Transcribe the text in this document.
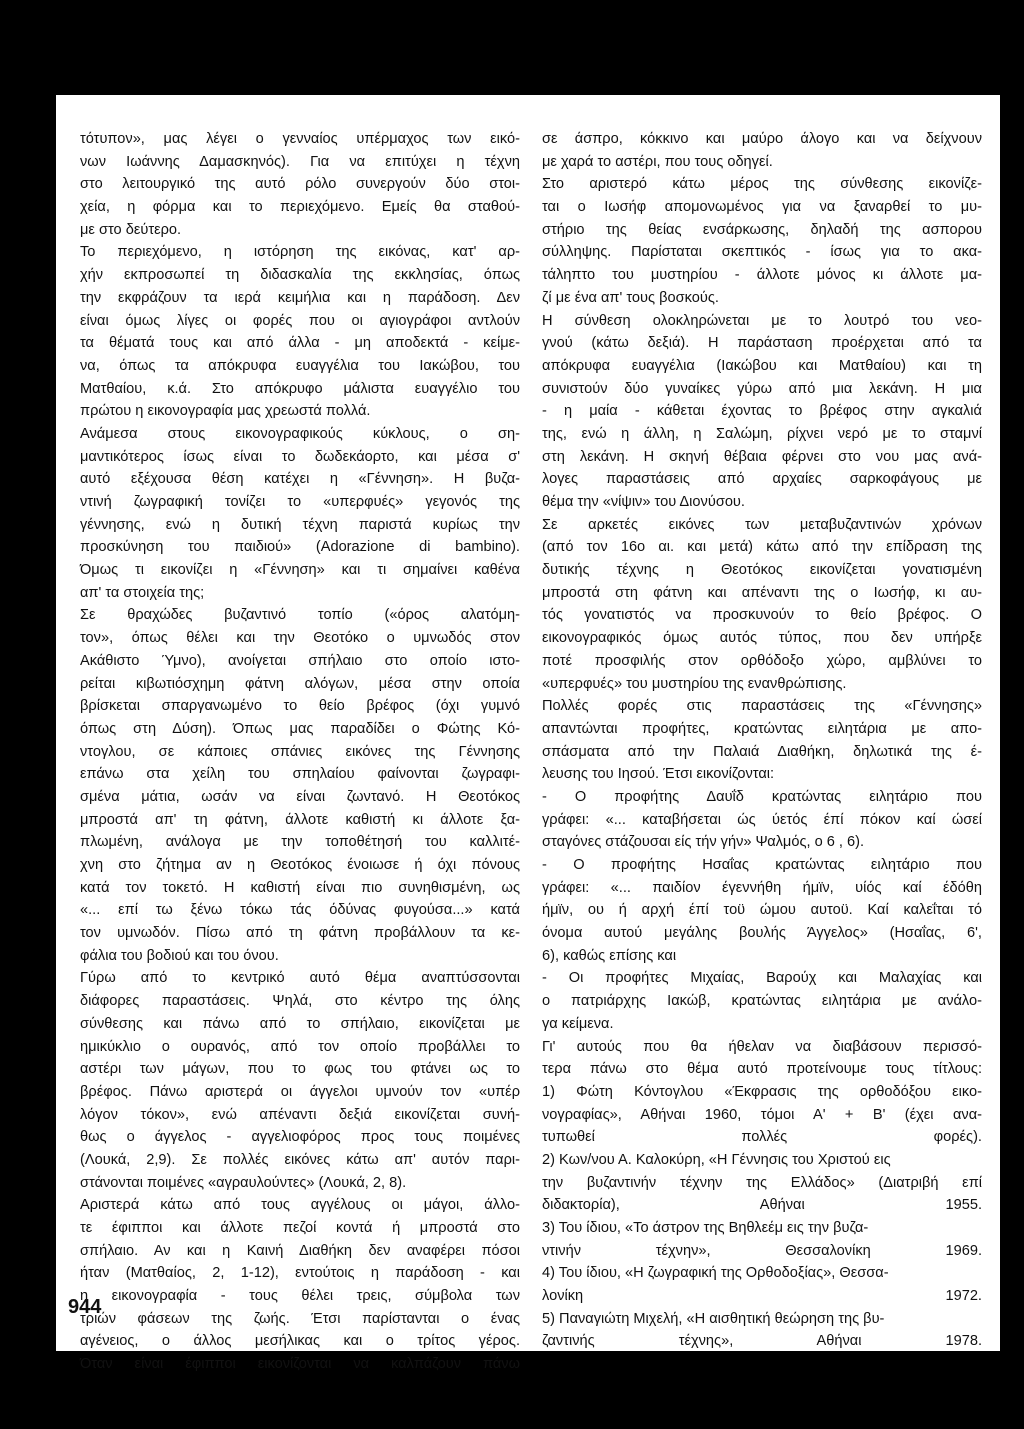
τότυπον», μας λέγει ο γενναίος υπέρμαχος των εικό-
νων Ιωάννης Δαμασκηνός). Για να επιτύχει η τέχνη
στο λειτουργικό της αυτό ρόλο συνεργούν δύο στοι-
χεία, η φόρμα και το περιεχόμενο. Εμείς θα σταθού-
με στο δεύτερο.
Το περιεχόμενο, η ιστόρηση της εικόνας, κατ' αρ-
χήν εκπροσωπεί τη διδασκαλία της εκκλησίας, όπως
την εκφράζουν τα ιερά κειμήλια και η παράδοση. Δεν
είναι όμως λίγες οι φορές που οι αγιογράφοι αντλούν
τα θέματά τους και από άλλα - μη αποδεκτά - κείμε-
να, όπως τα απόκρυφα ευαγγέλια του Ιακώβου, του
Ματθαίου, κ.ά. Στο απόκρυφο μάλιστα ευαγγέλιο του
πρώτου η εικονογραφία μας χρεωστά πολλά.
Ανάμεσα στους εικονογραφικούς κύκλους, ο ση-
μαντικότερος ίσως είναι το δωδεκάορτο, και μέσα σ'
αυτό εξέχουσα θέση κατέχει η «Γέννηση». Η βυζα-
ντινή ζωγραφική τονίζει το «υπερφυές» γεγονός της
γέννησης, ενώ η δυτική τέχνη παριστά κυρίως την
προσκύνηση του παιδιού» (Adorazione di bambino).
Όμως τι εικονίζει η «Γέννηση» και τι σημαίνει καθένα
απ' τα στοιχεία της;
Σε θραχώδες βυζαντινό τοπίο («όρος αλατόμη-
τον», όπως θέλει και την Θεοτόκο ο υμνωδός στον
Ακάθιστο Ύμνο), ανοίγεται σπήλαιο στο οποίο ιστο-
ρείται κιβωτιόσχημη φάτνη αλόγων, μέσα στην οποία
βρίσκεται σπαργανωμένο το θείο βρέφος (όχι γυμνό
όπως στη Δύση). Όπως μας παραδίδει ο Φώτης Κό-
ντογλου, σε κάποιες σπάνιες εικόνες της Γέννησης
επάνω στα χείλη του σπηλαίου φαίνονται ζωγραφι-
σμένα μάτια, ωσάν να είναι ζωντανό. Η Θεοτόκος
μπροστά απ' τη φάτνη, άλλοτε καθιστή κι άλλοτε ξα-
πλωμένη, ανάλογα με την τοποθέτησή του καλλιτέ-
χνη στο ζήτημα αν η Θεοτόκος ένοιωσε ή όχι πόνους
κατά τον τοκετό. Η καθιστή είναι πιο συνηθισμένη, ως
«... επί τω ξένω τόκω τάς όδύνας φυγούσα...» κατά
τον υμνωδόν. Πίσω από τη φάτνη προβάλλουν τα κε-
φάλια του βοδιού και του όνου.
Γύρω από το κεντρικό αυτό θέμα αναπτύσσονται
διάφορες παραστάσεις. Ψηλά, στο κέντρο της όλης
σύνθεσης και πάνω από το σπήλαιο, εικονίζεται με
ημικύκλιο ο ουρανός, από τον οποίο προβάλλει το
αστέρι των μάγων, που το φως του φτάνει ως το
βρέφος. Πάνω αριστερά οι άγγελοι υμνούν τον «υπέρ
λόγον τόκον», ενώ απέναντι δεξιά εικονίζεται συνή-
θως ο άγγελος - αγγελιοφόρος προς τους ποιμένες
(Λουκά, 2,9). Σε πολλές εικόνες κάτω απ' αυτόν παρι-
στάνονται ποιμένες «αγραυλούντες» (Λουκά, 2, 8).
Αριστερά κάτω από τους αγγέλους οι μάγοι, άλλο-
τε έφιπποι και άλλοτε πεζοί κοντά ή μπροστά στο
σπήλαιο. Αν και η Καινή Διαθήκη δεν αναφέρει πόσοι
ήταν (Ματθαίος, 2, 1-12), εντούτοις η παράδοση - και
η εικονογραφία - τους θέλει τρεις, σύμβολα των
τριών φάσεων της ζωής. Έτσι παρίστανται ο ένας
αγένειος, ο άλλος μεσήλικας και ο τρίτος γέρος.
Όταν είναι έφιπποι εικονίζονται να καλπάζουν πάνω
σε άσπρο, κόκκινο και μαύρο άλογο και να δείχνουν
με χαρά το αστέρι, που τους οδηγεί.
Στο αριστερό κάτω μέρος της σύνθεσης εικονίζε-
ται ο Ιωσήφ απομονωμένος για να ξαναρθεί το μυ-
στήριο της θείας ενσάρκωσης, δηλαδή της ασπορου
σύλληψης. Παρίσταται σκεπτικός - ίσως για το ακα-
τάληπτο του μυστηρίου - άλλοτε μόνος κι άλλοτε μα-
ζί με ένα απ' τους βοσκούς.
Η σύνθεση ολοκληρώνεται με το λουτρό του νεο-
γνού (κάτω δεξιά). Η παράσταση προέρχεται από τα
απόκρυφα ευαγγέλια (Ιακώβου και Ματθαίου) και τη
συνιστούν δύο γυναίκες γύρω από μια λεκάνη. Η μια
- η μαία - κάθεται έχοντας το βρέφος στην αγκαλιά
της, ενώ η άλλη, η Σαλώμη, ρίχνει νερό με το σταμνί
στη λεκάνη. Η σκηνή θέβαια φέρνει στο νου μας ανά-
λογες παραστάσεις από αρχαίες σαρκοφάγους με
θέμα την «νίψιν» του Διονύσου.
Σε αρκετές εικόνες των μεταβυζαντινών χρόνων
(από τον 16ο αι. και μετά) κάτω από την επίδραση της
δυτικής τέχνης η Θεοτόκος εικονίζεται γονατισμένη
μπροστά στη φάτνη και απέναντι της ο Ιωσήφ, κι αυ-
τός γονατιστός να προσκυνούν το θείο βρέφος. Ο
εικονογραφικός όμως αυτός τύπος, που δεν υπήρξε
ποτέ προσφιλής στον ορθόδοξο χώρο, αμβλύνει το
«υπερφυές» του μυστηρίου της ενανθρώπισης.
Πολλές φορές στις παραστάσεις της «Γέννησης»
απαντώνται προφήτες, κρατώντας ειλητάρια με απο-
σπάσματα από την Παλαιά Διαθήκη, δηλωτικά της έ-
λευσης του Ιησού. Έτσι εικονίζονται:
- Ο προφήτης Δαυΐδ κρατώντας ειλητάριο που
γράφει: «... καταβήσεται ώς ύετός έπί πόκον καί ώσεί
σταγόνες στάζουσαι είς τήν γήν» Ψαλμός, ο 6 , 6).
- Ο προφήτης Ησαΐας κρατώντας ειλητάριο που
γράφει: «... παιδίον έγεννήθη ήμϊν, υίός καί έδόθη
ήμϊν, ου ή αρχή έπί τοϋ ώμου αυτοϋ. Καί καλεΐται τό
όνομα αυτού μεγάλης βουλής Άγγελος» (Ησαΐας, 6',
6), καθώς επίσης και
- Οι προφήτες Μιχαίας, Βαρούχ και Μαλαχίας και
ο πατριάρχης Ιακώβ, κρατώντας ειλητάρια με ανάλο-
γα κείμενα.
Γι' αυτούς που θα ήθελαν να διαβάσουν περισσό-
τερα πάνω στο θέμα αυτό προτείνουμε τους τίτλους:
1) Φώτη Κόντογλου «Έκφρασις της ορθοδόξου εικο-
νογραφίας», Αθήναι 1960, τόμοι Α' + Β' (έχει ανα-
τυπωθεί πολλές φορές).
2) Κων/νου Α. Καλοκύρη, «Η Γέννησις του Χριστού εις
την βυζαντινήν τέχνην της Ελλάδος» (Διατριβή επί
διδακτορία), Αθήναι 1955.
3) Του ίδιου, «Το άστρον της Βηθλεέμ εις την βυζα-
ντινήν τέχνην», Θεσσαλονίκη 1969.
4) Του ίδιου, «Η ζωγραφική της Ορθοδοξίας», Θεσσα-
λονίκη 1972.
5) Παναγιώτη Μιχελή, «Η αισθητική θεώρηση της βυ-
ζαντινής τέχνης», Αθήναι 1978.

944
